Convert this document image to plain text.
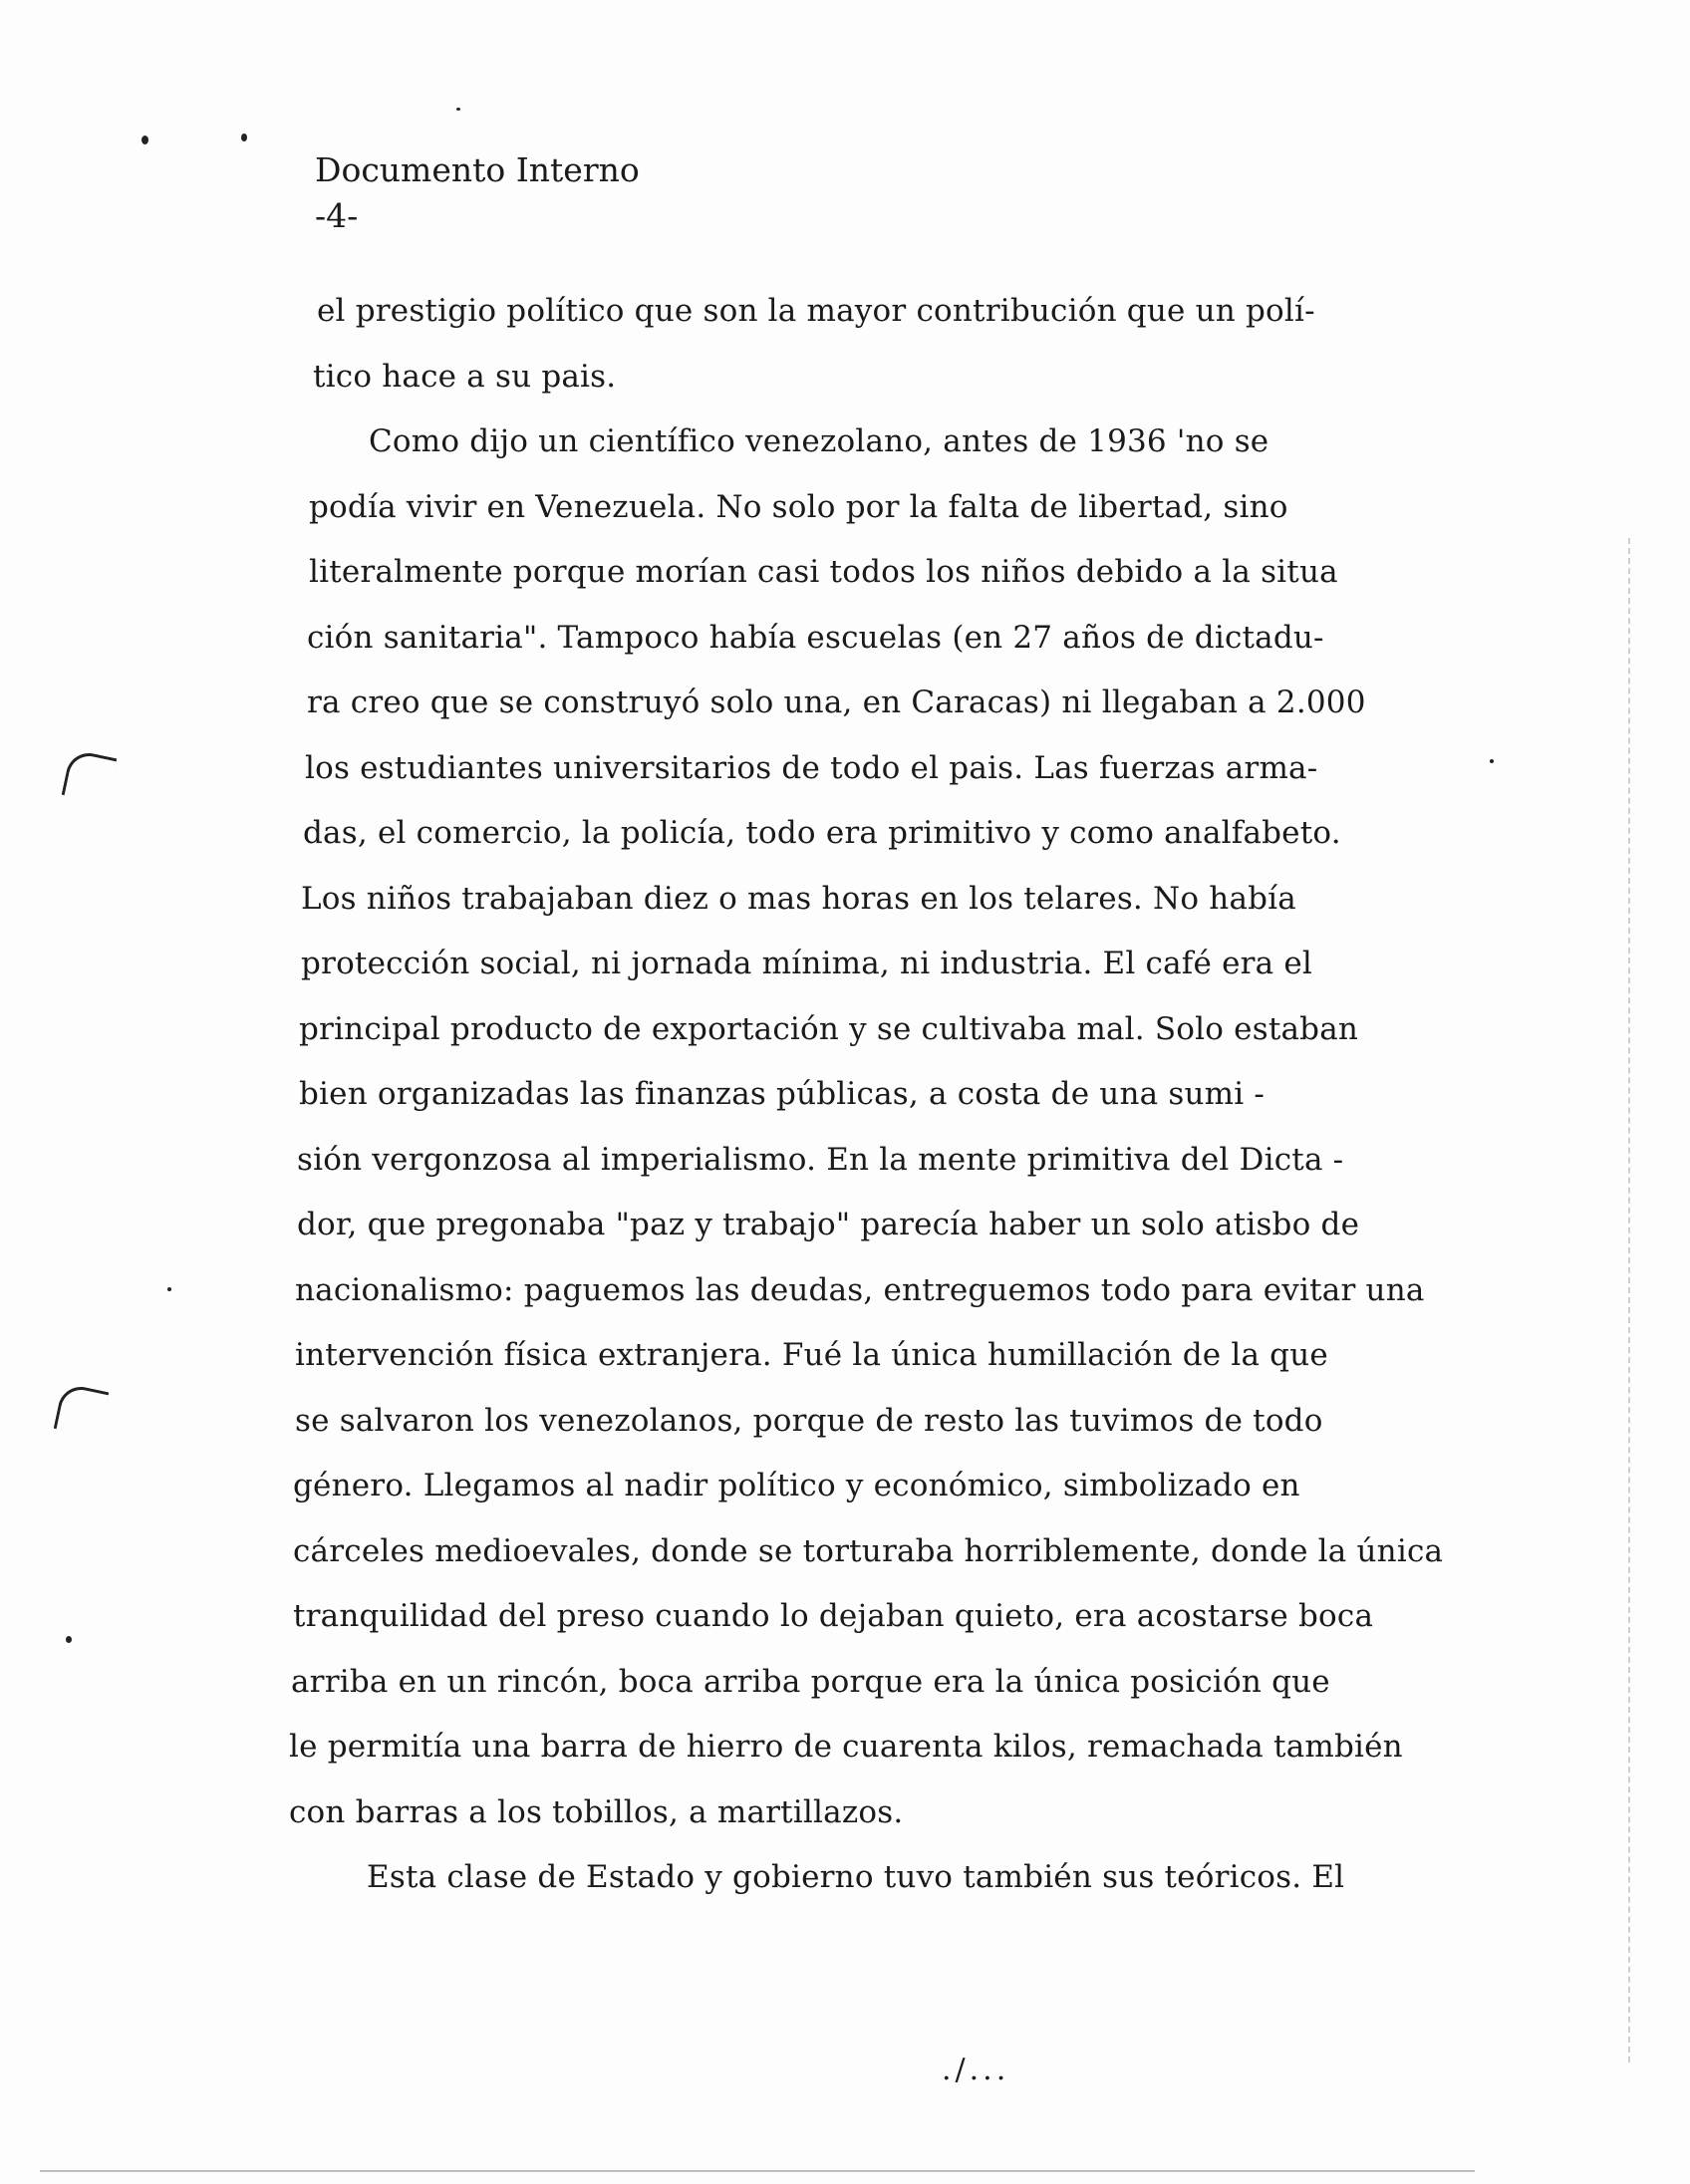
Documento Interno
-4-
el prestigio político que son la mayor contribución que un polí-
tico hace a su pais.
Como dijo un científico venezolano, antes de 1936 'no se
podía vivir en Venezuela. No solo por la falta de libertad, sino
literalmente porque morían casi todos los niños debido a la situa
ción sanitaria". Tampoco había escuelas (en 27 años de dictadu-
ra creo que se construyó solo una, en Caracas) ni llegaban a 2.000
los estudiantes universitarios de todo el pais. Las fuerzas arma-
das, el comercio, la policía, todo era primitivo y como analfabeto.
Los niños trabajaban diez o mas horas en los telares. No había
protección social, ni jornada mínima, ni industria. El café era el
principal producto de exportación y se cultivaba mal. Solo estaban
bien organizadas las finanzas públicas, a costa de una sumi -
sión vergonzosa al imperialismo. En la mente primitiva del Dicta -
dor, que pregonaba "paz y trabajo" parecía haber un solo atisbo de
nacionalismo: paguemos las deudas, entreguemos todo para evitar una
intervención física extranjera. Fué la única humillación de la que
se salvaron los venezolanos, porque de resto las tuvimos de todo
género. Llegamos al nadir político y económico, simbolizado en
cárceles medioevales, donde se torturaba horriblemente, donde la única
tranquilidad del preso cuando lo dejaban quieto, era acostarse boca
arriba en un rincón, boca arriba porque era la única posición que
le permitía una barra de hierro de cuarenta kilos, remachada también
con barras a los tobillos, a martillazos.
Esta clase de Estado y gobierno tuvo también sus teóricos. El
./...
